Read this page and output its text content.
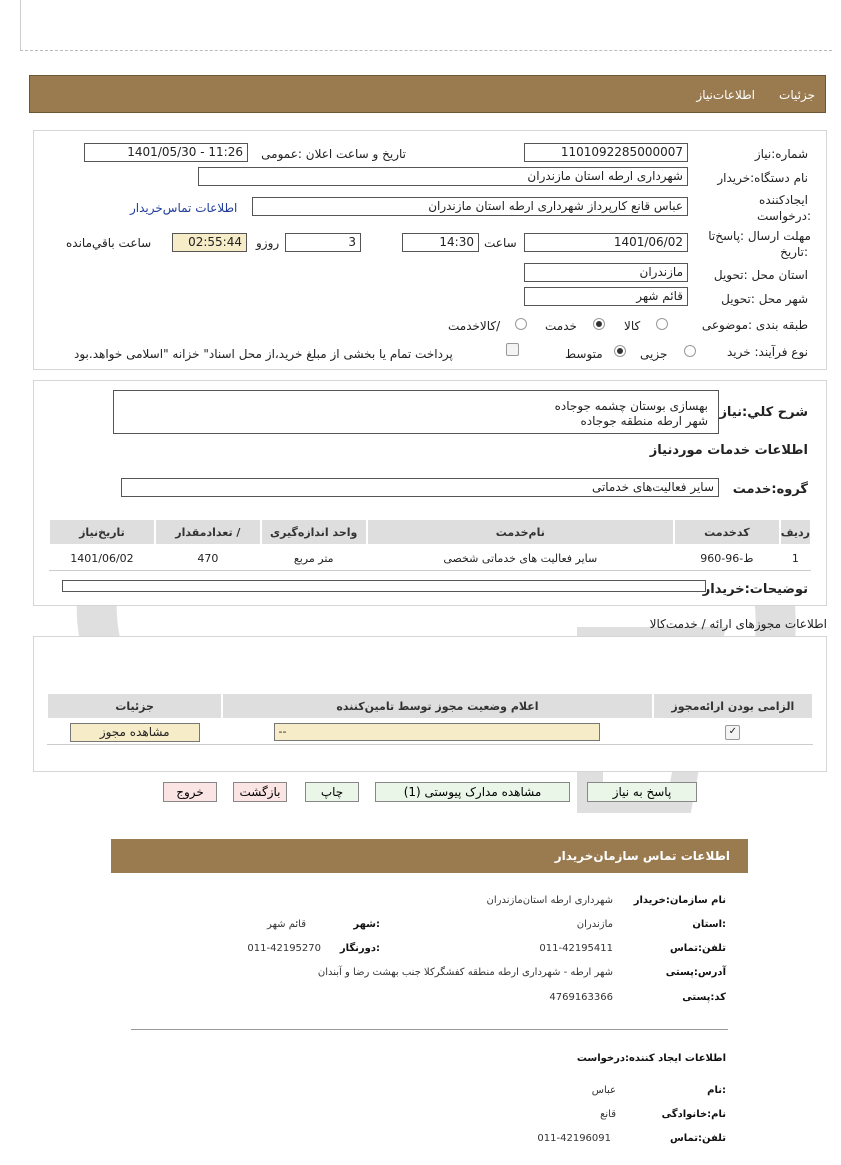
جزئیات
اطلاعات‌نیاز
شماره:نیاز
1101092285000007
تاریخ و ساعت اعلان :عمومی
1401/05/30 - 11:26
نام دستگاه:خریدار
شهرداری ارطه استان مازندران
ایجادکننده
:درخواست
عباس قانع کارپرداز شهرداری ارطه استان مازندران
اطلاعات تماس‌خریدار
مهلت ارسال :پاسخ‌تا
:تاریخ
1401/06/02
ساعت
14:30
3
روزو
02:55:44
ساعت باقي‌مانده
استان محل :تحویل
مازندران
شهر محل :تحویل
قائم شهر
طبقه بندی :موضوعی
کالا
خدمت
/کالاخدمت
نوع فرآیند: خرید
جزیی
متوسط
پرداخت تمام یا بخشی از مبلغ خرید،از محل اسناد" خزانه "اسلامی خواهد.بود
شرح کلي:نیاز
بهسازی بوستان چشمه جوجاده
شهر ارطه منطقه جوجاده
اطلاعات خدمات موردنیاز
گروه:خدمت
سایر فعالیت‌های خدماتی
ردیف	کدخدمت	نام‌خدمت	واحد اندازه‌گیری	/ تعدادمقدار	تاریخ‌نیاز
1	ط-96-960	سایر فعالیت های خدماتی شخصی	متر مربع	470	1401/06/02
توضیحات:خریدار
اطلاعات مجوزهای ارائه / خدمت‌کالا
الزامی بودن ارائه‌مجوز	اعلام وضعیت مجوز توسط تامین‌کننده	جزئیات
✓	--	مشاهده مجوز
پاسخ به نیاز
مشاهده مدارک پیوستی (1)
چاپ
بازگشت
خروج
اطلاعات تماس سازمان‌خریدار
نام سازمان:خریدار
شهرداری ارطه استان‌مازندران
:استان
مازندران
:شهر
قائم شهر
تلفن:تماس
011-42195411
:دورنگار
011-42195270
آدرس:پستی
شهر ارطه - شهرداری ارطه منطقه کفشگر‌کلا جنب بهشت رضا و آبندان
کد:پستی
4769163366
اطلاعات ایجاد کننده:درخواست
:نام
عباس
نام:خانوادگی
قانع
تلفن:تماس
011-42196091
